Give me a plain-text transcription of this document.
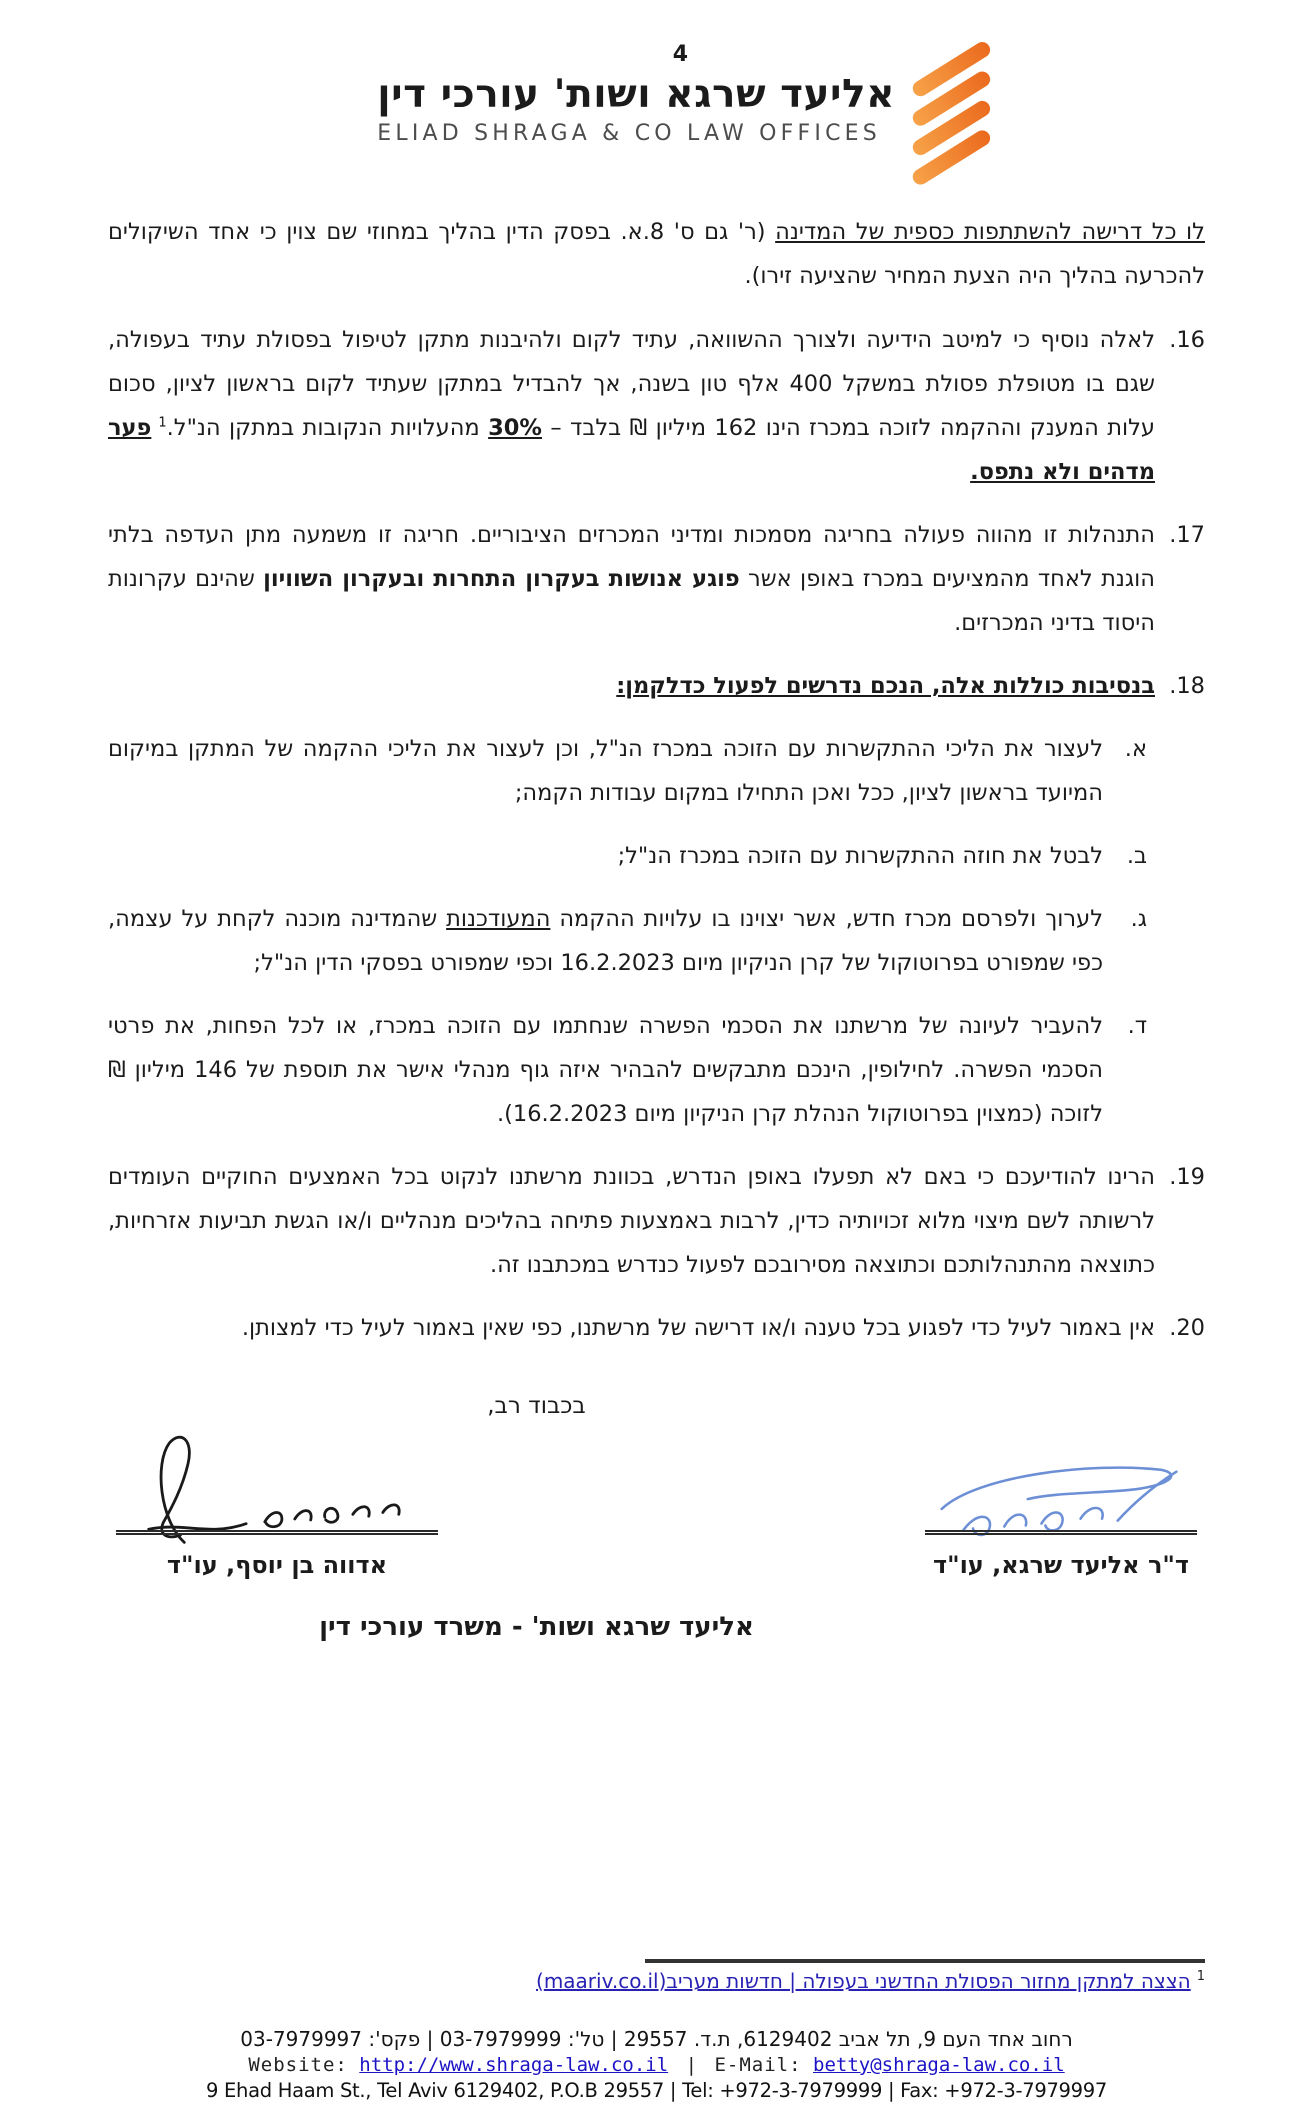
4
אליעד שרגא ושות' עורכי דין
ELIAD SHRAGA & CO LAW OFFICES

לו כל דרישה להשתתפות כספית של המדינה (ר' גם ס' 8.א. בפסק הדין בהליך במחוזי שם צוין כי אחד השיקולים להכרעה בהליך היה הצעת המחיר שהציעה זירו).

16.
לאלה נוסיף כי למיטב הידיעה ולצורך ההשוואה, עתיד לקום ולהיבנות מתקן לטיפול בפסולת עתיד בעפולה, שגם בו מטופלת פסולת במשקל 400 אלף טון בשנה, אך להבדיל במתקן שעתיד לקום בראשון לציון, סכום עלות המענק וההקמה לזוכה במכרז הינו 162 מיליון ₪ בלבד – 30% מהעלויות הנקובות במתקן הנ"ל.$^1$פער מדהים ולא נתפס.
17.
התנהלות זו מהווה פעולה בחריגה מסמכות ומדיני המכרזים הציבוריים. חריגה זו משמעה מתן העדפה בלתי הוגנת לאחד מהמציעים במכרז באופן אשר פוגע אנושות בעקרון התחרות ובעקרון השוויון שהינם עקרונות היסוד בדיני המכרזים.
18.
בנסיבות כוללות אלה, הנכם נדרשים לפעול כדלקמן:
א.
לעצור את הליכי ההתקשרות עם הזוכה במכרז הנ"ל, וכן לעצור את הליכי ההקמה של המתקן במיקום המיועד בראשון לציון, ככל ואכן התחילו במקום עבודות הקמה;
ב.
לבטל את חוזה ההתקשרות עם הזוכה במכרז הנ"ל;
ג.
לערוך ולפרסם מכרז חדש, אשר יצוינו בו עלויות ההקמה המעודכנות שהמדינה מוכנה לקחת על עצמה, כפי שמפורט בפרוטוקול של קרן הניקיון מיום 16.2.2023 וכפי שמפורט בפסקי הדין הנ"ל;
ד.
להעביר לעיונה של מרשתנו את הסכמי הפשרה שנחתמו עם הזוכה במכרז, או לכל הפחות, את פרטי הסכמי הפשרה. לחילופין, הינכם מתבקשים להבהיר איזה גוף מנהלי אישר את תוספת של 146 מיליון ₪ לזוכה (כמצוין בפרוטוקול הנהלת קרן הניקיון מיום 16.2.2023).
19.
הרינו להודיעכם כי באם לא תפעלו באופן הנדרש, בכוונת מרשתנו לנקוט בכל האמצעים החוקיים העומדים לרשותה לשם מיצוי מלוא זכויותיה כדין, לרבות באמצעות פתיחה בהליכים מנהליים ו/או הגשת תביעות אזרחיות, כתוצאה מהתנהלותכם וכתוצאה מסירובכם לפעול כנדרש במכתבנו זה.
20.
אין באמור לעיל כדי לפגוע בכל טענה ו/או דרישה של מרשתנו, כפי שאין באמור לעיל כדי למצותן.
בכבוד רב,
ד"ר אליעד שרגא, עו"ד
אדווה בן יוסף, עו"ד
אליעד שרגא ושות' - משרד עורכי דין
$^1$הצצה למתקן מחזור הפסולת החדשני בעפולה | חדשות מעריב(maariv.co.il)
רחוב אחד העם 9, תל אביב 6129402, ת.ד. 29557 | טל': 03-7979999 | פקס': 03-7979997
Website: http://www.shraga-law.co.il | E-Mail: betty@shraga-law.co.il
9 Ehad Haam St., Tel Aviv 6129402, P.O.B 29557 | Tel: +972-3-7979999 | Fax: +972-3-7979997
